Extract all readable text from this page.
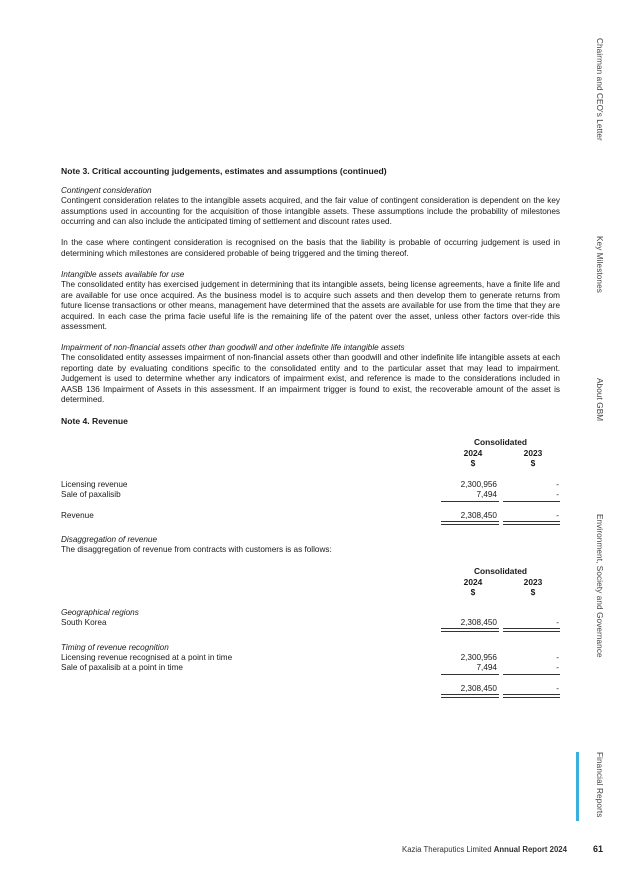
Chairman and CEO's Letter
Key Milestones
About GBM
Environment, Society and Governance
Financial Reports
Note 3. Critical accounting judgements, estimates and assumptions (continued)
Contingent consideration

Contingent consideration relates to the intangible assets acquired, and the fair value of contingent consideration is dependent on the key assumptions used in accounting for the acquisition of those intangible assets. These assumptions include the probability of milestones occurring and can also include the anticipated timing of settlement and discount rates used.

In the case where contingent consideration is recognised on the basis that the liability is probable of occurring judgement is used in determining which milestones are considered probable of being triggered and the timing thereof.

Intangible assets available for use

The consolidated entity has exercised judgement in determining that its intangible assets, being license agreements, have a finite life and are available for use once acquired. As the business model is to acquire such assets and then develop them to generate returns from future license transactions or other means, management have determined that the assets are available for use from the time that they are acquired. In each case the prima facie useful life is the remaining life of the patent over the asset, unless other factors over-ride this assessment.

Impairment of non-financial assets other than goodwill and other indefinite life intangible assets

The consolidated entity assesses impairment of non-financial assets other than goodwill and other indefinite life intangible assets at each reporting date by evaluating conditions specific to the consolidated entity and to the particular asset that may lead to impairment. Judgement is used to determine whether any indicators of impairment exist, and reference is made to the considerations included in AASB 136 Impairment of Assets in this assessment. If an impairment trigger is found to exist, the recoverable amount of the asset is determined.

Note 4. Revenue
Consolidated
2024	2023
$	$
Licensing revenue	2,300,956	-
Sale of paxalisib	7,494	-
Revenue	2,308,450	-
Disaggregation of revenue
The disaggregation of revenue from contracts with customers is as follows:
Consolidated
2024	2023
$	$
Geographical regions
South Korea	2,308,450	-
Timing of revenue recognition
Licensing revenue recognised at a point in time	2,300,956	-
Sale of paxalisib at a point in time	7,494	-
2,308,450	-
Kazia Theraputics Limited Annual Report 2024	61
